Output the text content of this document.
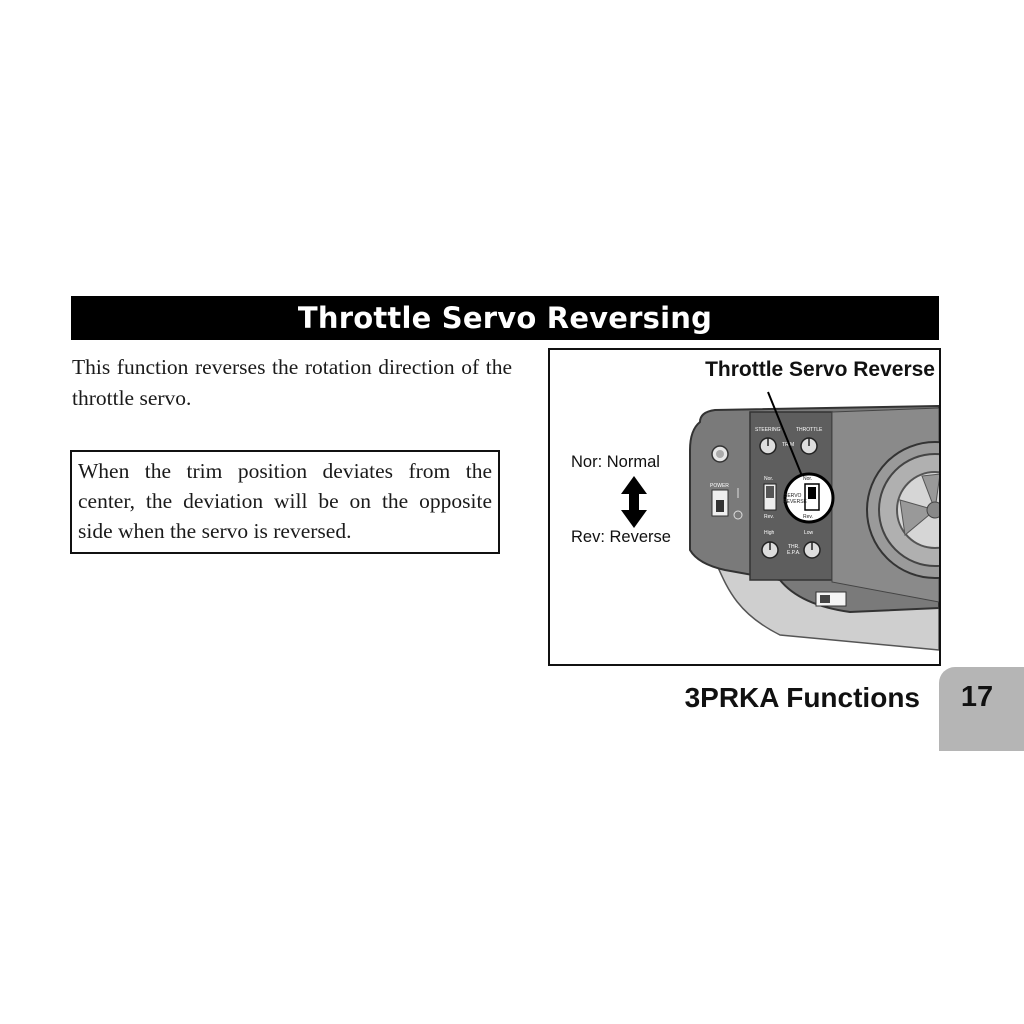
Throttle Servo Reversing
This function reverses the rotation direction of the throttle servo.
When the trim position deviates from the center, the deviation will be on the opposite side when the servo is reversed.
POWER
STEERING	THROTTLE
TRIM
Nor.
Rev.
Nor.
SERVO
REVERSE
Rev.
High	Low
THR.
E.P.A.
Throttle Servo Reverse
Nor: Normal
Rev: Reverse
3PRKA Functions	17
